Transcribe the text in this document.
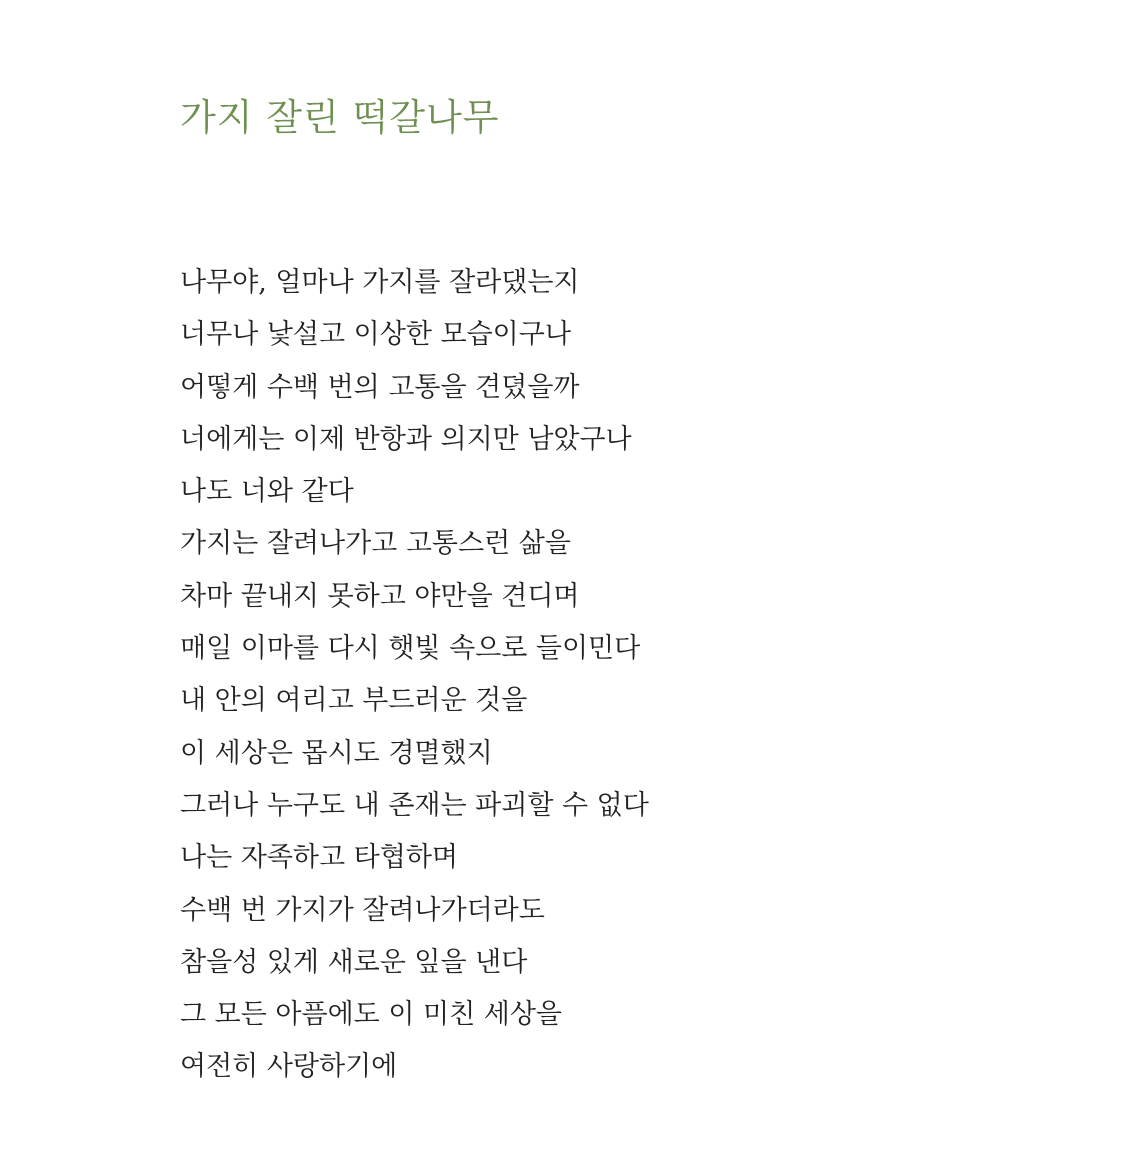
가지 잘린 떡갈나무

나무야, 얼마나 가지를 잘라댔는지

너무나 낯설고 이상한 모습이구나

어떻게 수백 번의 고통을 견뎠을까

너에게는 이제 반항과 의지만 남았구나

나도 너와 같다

가지는 잘려나가고 고통스런 삶을

차마 끝내지 못하고 야만을 견디며

매일 이마를 다시 햇빛 속으로 들이민다

내 안의 여리고 부드러운 것을

이 세상은 몹시도 경멸했지

그러나 누구도 내 존재는 파괴할 수 없다

나는 자족하고 타협하며

수백 번 가지가 잘려나가더라도

참을성 있게 새로운 잎을 낸다

그 모든 아픔에도 이 미친 세상을

여전히 사랑하기에
